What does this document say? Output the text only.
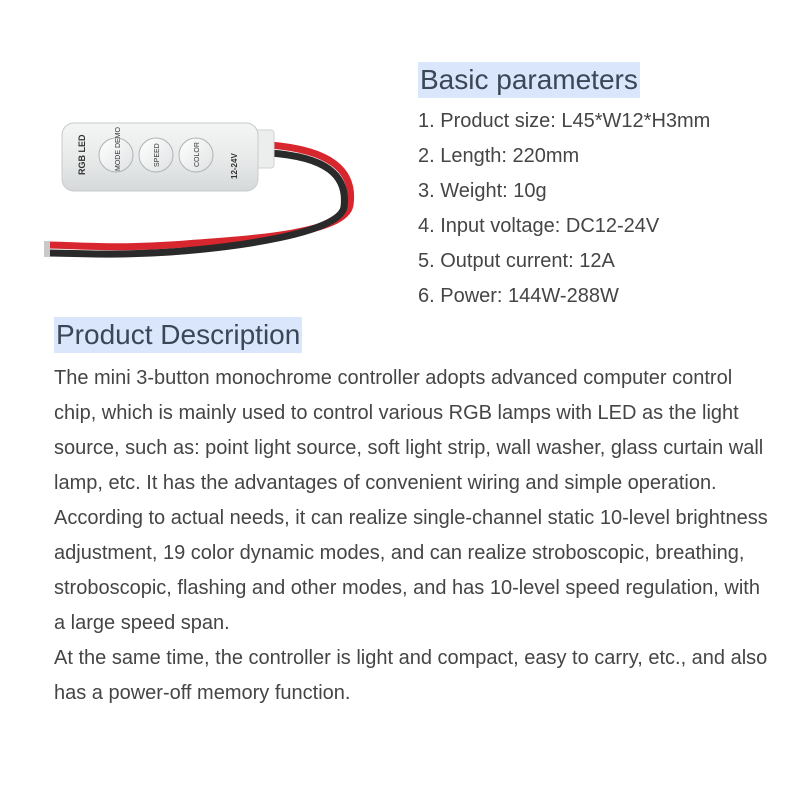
RGB LED	MODE DEMO	SPEED	COLOR	12-24V
Basic parameters
1. Product size: L45*W12*H3mm
2. Length: 220mm
3. Weight: 10g
4. Input voltage: DC12-24V
5. Output current: 12A
6. Power: 144W-288W
Product Description

The mini 3-button monochrome controller adopts advanced computer control chip, which is mainly used to control various RGB lamps with LED as the light source, such as: point light source, soft light strip, wall washer, glass curtain wall lamp, etc. It has the advantages of convenient wiring and simple operation.

According to actual needs, it can realize single-channel static 10-level brightness adjustment, 19 color dynamic modes, and can realize stroboscopic, breathing, stroboscopic, flashing and other modes, and has 10-level speed regulation, with a large speed span.

At the same time, the controller is light and compact, easy to carry, etc., and also has a power-off memory function.
